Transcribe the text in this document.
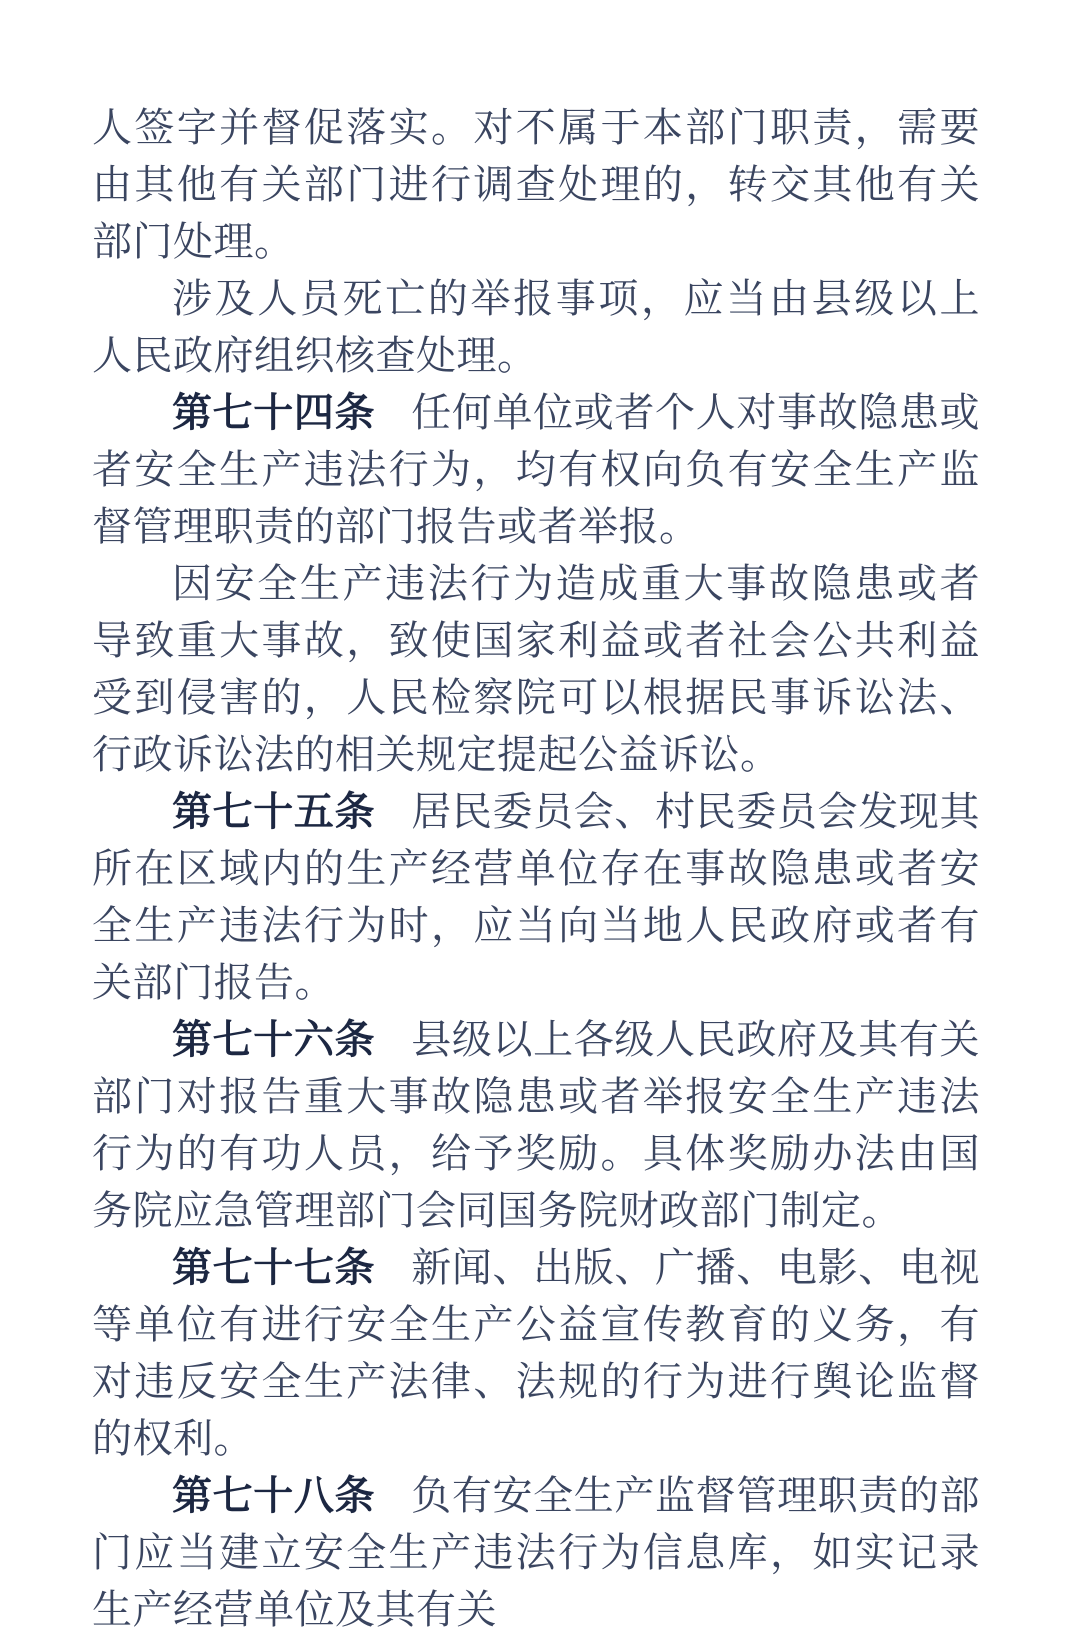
人签字并督促落实。对不属于本部门职责，需要由其他有关部门进行调查处理的，转交其他有关部门处理。

涉及人员死亡的举报事项，应当由县级以上人民政府组织核查处理。

第七十四条 任何单位或者个人对事故隐患或者安全生产违法行为，均有权向负有安全生产监督管理职责的部门报告或者举报。

因安全生产违法行为造成重大事故隐患或者导致重大事故，致使国家利益或者社会公共利益受到侵害的，人民检察院可以根据民事诉讼法、行政诉讼法的相关规定提起公益诉讼。

第七十五条 居民委员会、村民委员会发现其所在区域内的生产经营单位存在事故隐患或者安全生产违法行为时，应当向当地人民政府或者有关部门报告。

第七十六条 县级以上各级人民政府及其有关部门对报告重大事故隐患或者举报安全生产违法行为的有功人员，给予奖励。具体奖励办法由国务院应急管理部门会同国务院财政部门制定。

第七十七条 新闻、出版、广播、电影、电视等单位有进行安全生产公益宣传教育的义务，有对违反安全生产法律、法规的行为进行舆论监督的权利。

第七十八条 负有安全生产监督管理职责的部门应当建立安全生产违法行为信息库，如实记录生产经营单位及其有关
